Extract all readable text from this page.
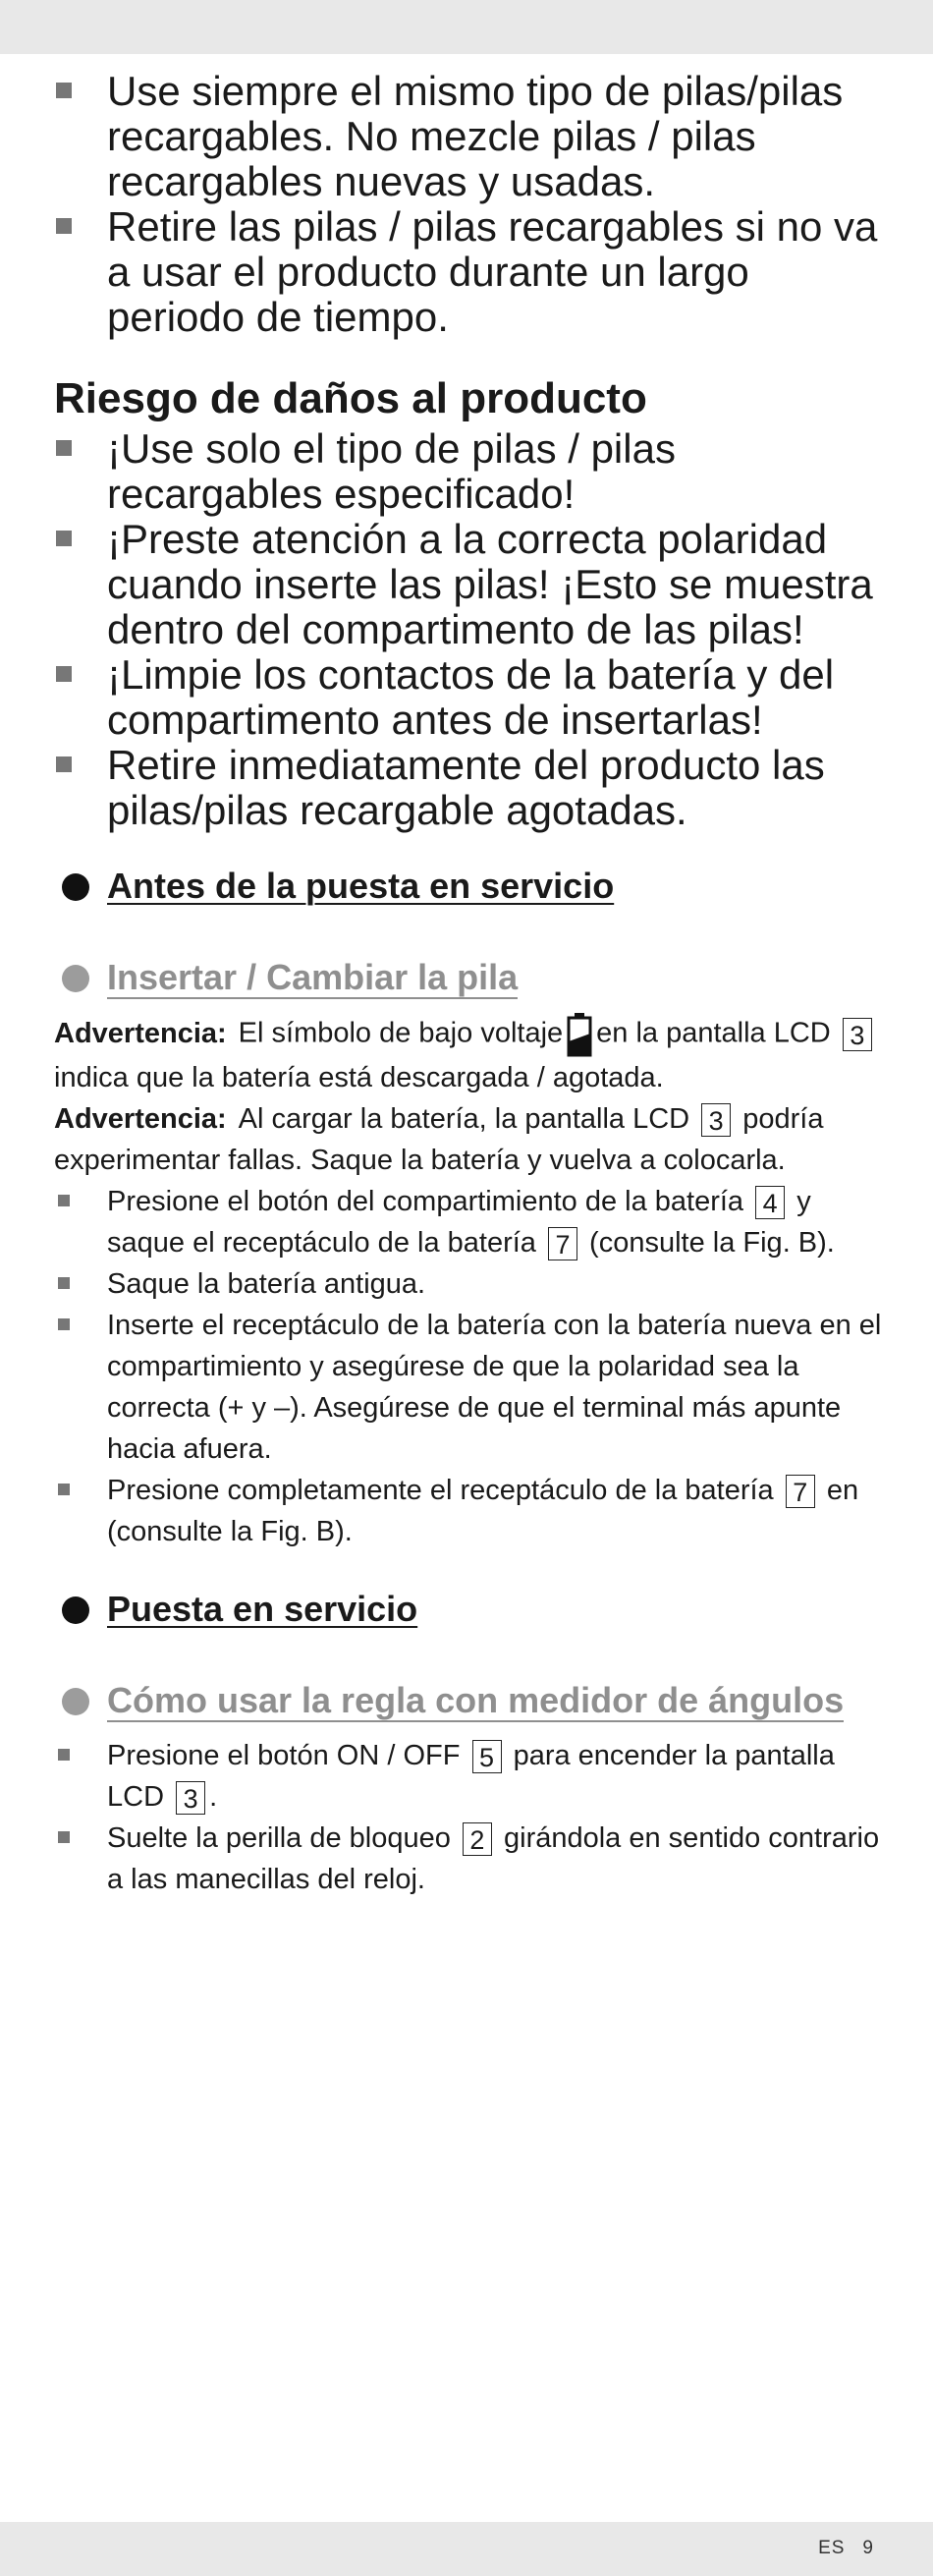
Use siempre el mismo tipo de pilas/pilas recargables. No mezcle pilas / pilas recargables nuevas y usadas.
Retire las pilas / pilas recargables si no va a usar el producto durante un largo periodo de tiempo.
Riesgo de daños al producto
¡Use solo el tipo de pilas / pilas recargables especificado!
¡Preste atención a la correcta polaridad cuando inserte las pilas! ¡Esto se muestra dentro del compartimento de las pilas!
¡Limpie los contactos de la batería y del compartimento antes de insertarlas!
Retire inmediatamente del producto las pilas/pilas recargable agotadas.
Antes de la puesta en servicio
Insertar / Cambiar la pila

Advertencia: El símbolo de bajo voltaje en la pantalla LCD 3 indica que la batería está descargada / agotada.

Advertencia: Al cargar la batería, la pantalla LCD 3 podría experimentar fallas. Saque la batería y vuelva a colocarla.

Presione el botón del compartimiento de la batería 4 y saque el receptáculo de la batería 7 (consulte la Fig. B).
Saque la batería antigua.
Inserte el receptáculo de la batería con la batería nueva en el compartimiento y asegúrese de que la polaridad sea la correcta (+ y –). Asegúrese de que el terminal más apunte hacia afuera.
Presione completamente el receptáculo de la batería 7 en (consulte la Fig. B).
Puesta en servicio
Cómo usar la regla con medidor de ángulos
Presione el botón ON / OFF 5 para encender la pantalla LCD 3 .
Suelte la perilla de bloqueo 2 girándola en sentido contrario a las manecillas del reloj.
ES 9
